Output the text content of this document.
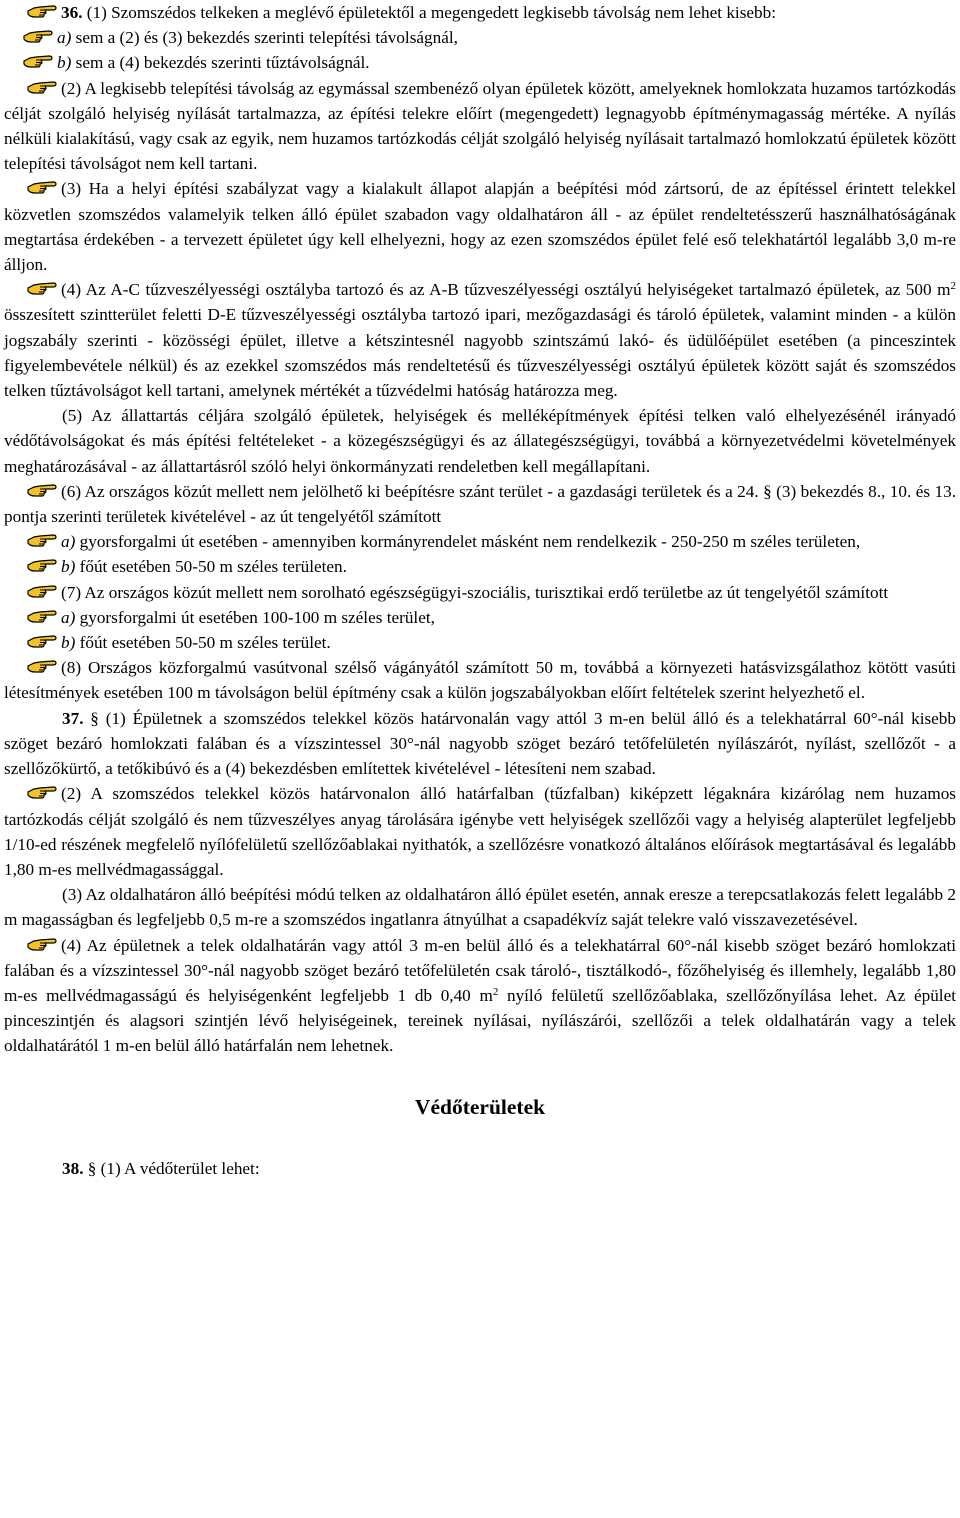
36. (1) Szomszédos telkeken a meglévő épületektől a megengedett legkisebb távolság nem lehet kisebb:

a) sem a (2) és (3) bekezdés szerinti telepítési távolságnál,

b) sem a (4) bekezdés szerinti tűztávolságnál.

(2) A legkisebb telepítési távolság az egymással szembenéző olyan épületek között, amelyeknek homlokzata huzamos tartózkodás célját szolgáló helyiség nyílását tartalmazza, az építési telekre előírt (megengedett) legnagyobb építménymagasság mértéke. A nyílás nélküli kialakítású, vagy csak az egyik, nem huzamos tartózkodás célját szolgáló helyiség nyílásait tartalmazó homlokzatú épületek között telepítési távolságot nem kell tartani.

(3) Ha a helyi építési szabályzat vagy a kialakult állapot alapján a beépítési mód zártsorú, de az építéssel érintett telekkel közvetlen szomszédos valamelyik telken álló épület szabadon vagy oldalhatáron áll - az épület rendeltetésszerű használhatóságának megtartása érdekében - a tervezett épületet úgy kell elhelyezni, hogy az ezen szomszédos épület felé eső telekhatártól legalább 3,0 m-re álljon.

(4) Az A-C tűzveszélyességi osztályba tartozó és az A-B tűzveszélyességi osztályú helyiségeket tartalmazó épületek, az 500 $m^2$ összesített szintterület feletti D-E tűzveszélyességi osztályba tartozó ipari, mezőgazdasági és tároló épületek, valamint minden - a külön jogszabály szerinti - közösségi épület, illetve a kétszintesnél nagyobb szintszámú lakó- és üdülőépület esetében (a pinceszintek figyelembevétele nélkül) és az ezekkel szomszédos más rendeltetésű és tűzveszélyességi osztályú épületek között saját és szomszédos telken tűztávolságot kell tartani, amelynek mértékét a tűzvédelmi hatóság határozza meg.

(5) Az állattartás céljára szolgáló épületek, helyiségek és melléképítmények építési telken való elhelyezésénél irányadó védőtávolságokat és más építési feltételeket - a közegészségügyi és az állategészségügyi, továbbá a környezetvédelmi követelmények meghatározásával - az állattartásról szóló helyi önkormányzati rendeletben kell megállapítani.

(6) Az országos közút mellett nem jelölhető ki beépítésre szánt terület - a gazdasági területek és a 24. § (3) bekezdés 8., 10. és 13. pontja szerinti területek kivételével - az út tengelyétől számított

a) gyorsforgalmi út esetében - amennyiben kormányrendelet másként nem rendelkezik - 250-250 m széles területen,

b) főút esetében 50-50 m széles területen.

(7) Az országos közút mellett nem sorolható egészségügyi-szociális, turisztikai erdő területbe az út tengelyétől számított

a) gyorsforgalmi út esetében 100-100 m széles terület,

b) főút esetében 50-50 m széles terület.

(8) Országos közforgalmú vasútvonal szélső vágányától számított 50 m, továbbá a környezeti hatásvizsgálathoz kötött vasúti létesítmények esetében 100 m távolságon belül építmény csak a külön jogszabályokban előírt feltételek szerint helyezhető el.

37. § (1) Épületnek a szomszédos telekkel közös határvonalán vagy attól 3 m-en belül álló és a telekhatárral 60°-nál kisebb szöget bezáró homlokzati falában és a vízszintessel 30°-nál nagyobb szöget bezáró tetőfelületén nyílászárót, nyílást, szellőzőt - a szellőzőkürtő, a tetőkibúvó és a (4) bekezdésben említettek kivételével - létesíteni nem szabad.

(2) A szomszédos telekkel közös határvonalon álló határfalban (tűzfalban) kiképzett légaknára kizárólag nem huzamos tartózkodás célját szolgáló és nem tűzveszélyes anyag tárolására igénybe vett helyiségek szellőzői vagy a helyiség alapterület legfeljebb 1/10-ed részének megfelelő nyílófelületű szellőzőablakai nyithatók, a szellőzésre vonatkozó általános előírások megtartásával és legalább 1,80 m-es mellvédmagassággal.

(3) Az oldalhatáron álló beépítési módú telken az oldalhatáron álló épület esetén, annak eresze a terepcsatlakozás felett legalább 2 m magasságban és legfeljebb 0,5 m-re a szomszédos ingatlanra átnyúlhat a csapadékvíz saját telekre való visszavezetésével.

(4) Az épületnek a telek oldalhatárán vagy attól 3 m-en belül álló és a telekhatárral 60°-nál kisebb szöget bezáró homlokzati falában és a vízszintessel 30°-nál nagyobb szöget bezáró tetőfelületén csak tároló-, tisztálkodó-, főzőhelyiség és illemhely, legalább 1,80 m-es mellvédmagasságú és helyiségenként legfeljebb 1 db 0,40 $m^2$ nyíló felületű szellőzőablaka, szellőzőnyílása lehet. Az épület pinceszintjén és alagsori szintjén lévő helyiségeinek, tereinek nyílásai, nyílászárói, szellőzői a telek oldalhatárán vagy a telek oldalhatárától 1 m-en belül álló határfalán nem lehetnek.

Védőterületek

38. § (1) A védőterület lehet:
